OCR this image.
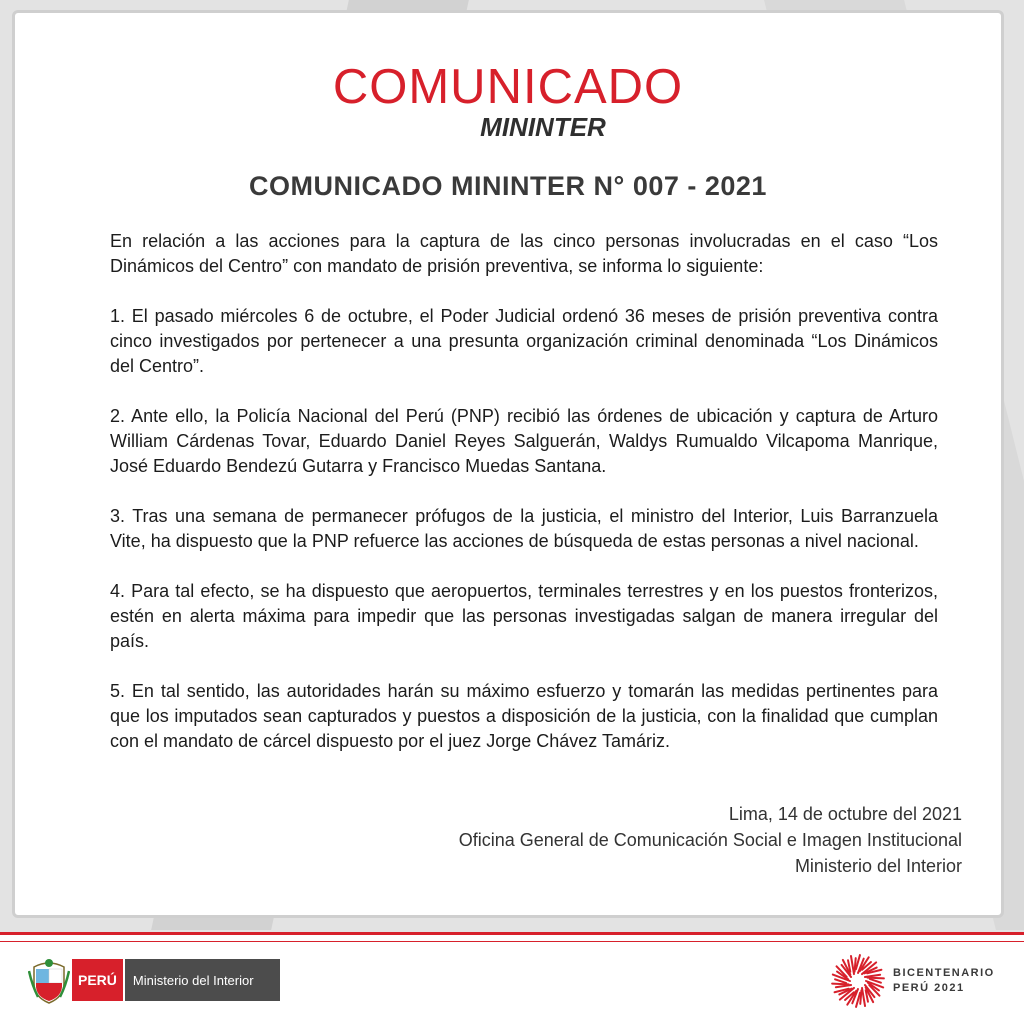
COMUNICADO
MININTER
COMUNICADO MININTER N° 007 - 2021

En relación a las acciones para la captura de las cinco personas involucradas en el caso “Los Dinámicos del Centro” con mandato de prisión preventiva, se informa lo siguiente:

1. El pasado miércoles 6 de octubre, el Poder Judicial ordenó 36 meses de prisión preventiva contra cinco investigados por pertenecer a una presunta organización criminal denominada “Los Dinámicos del Centro”.

2. Ante ello, la Policía Nacional del Perú (PNP) recibió las órdenes de ubicación y captura de Arturo William Cárdenas Tovar, Eduardo Daniel Reyes Salguerán, Waldys Rumualdo Vilcapoma Manrique, José Eduardo Bendezú Gutarra y Francisco Muedas Santana.

3. Tras una semana de permanecer prófugos de la justicia, el ministro del Interior, Luis Barranzuela Vite, ha dispuesto que la PNP refuerce las acciones de búsqueda de estas personas a nivel nacional.

4. Para tal efecto, se ha dispuesto que aeropuertos, terminales terrestres y en los puestos fronterizos, estén en alerta máxima para impedir que las personas investigadas salgan de manera irregular del país.

5. En tal sentido, las autoridades harán su máximo esfuerzo y tomarán las medidas pertinentes para que los imputados sean capturados y puestos a disposición de la justicia, con la finalidad que cumplan con el mandato de cárcel dispuesto por el juez Jorge Chávez Tamáriz.

Lima, 14 de octubre del 2021
Oficina General de Comunicación Social e Imagen Institucional
Ministerio del Interior
PERÚ	Ministerio del Interior	BICENTENARIO
PERÚ 2021
